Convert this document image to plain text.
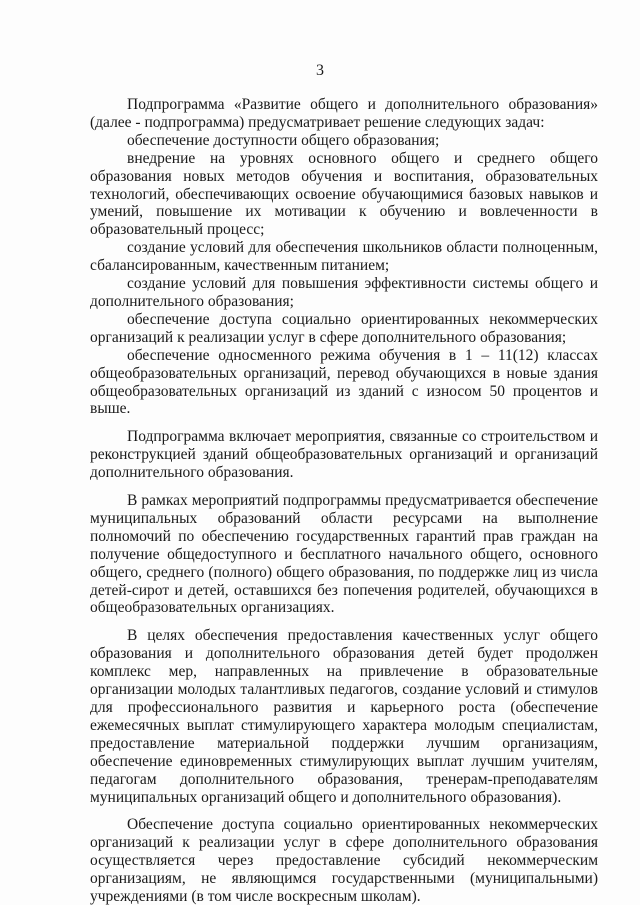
3

Подпрограмма «Развитие общего и дополнительного образования» (далее - подпрограмма) предусматривает решение следующих задач:

обеспечение доступности общего образования;

внедрение на уровнях основного общего и среднего общего образования новых методов обучения и воспитания, образовательных технологий, обеспечивающих освоение обучающимися базовых навыков и умений, повышение их мотивации к обучению и вовлеченности в образовательный процесс;

создание условий для обеспечения школьников области полноценным, сбалансированным, качественным питанием;

создание условий для повышения эффективности системы общего и дополнительного образования;

обеспечение доступа социально ориентированных некоммерческих организаций к реализации услуг в сфере дополнительного образования;

обеспечение односменного режима обучения в 1 – 11(12) классах общеобразовательных организаций, перевод обучающихся в новые здания общеобразовательных организаций из зданий с износом 50 процентов и выше.

Подпрограмма включает мероприятия, связанные со строительством и реконструкцией зданий общеобразовательных организаций и организаций дополнительного образования.

В рамках мероприятий подпрограммы предусматривается обеспечение муниципальных образований области ресурсами на выполнение полномочий по обеспечению государственных гарантий прав граждан на получение общедоступного и бесплатного начального общего, основного общего, среднего (полного) общего образования, по поддержке лиц из числа детей-сирот и детей, оставшихся без попечения родителей, обучающихся в общеобразовательных организациях.

В целях обеспечения предоставления качественных услуг общего образования и дополнительного образования детей будет продолжен комплекс мер, направленных на привлечение в образовательные организации молодых талантливых педагогов, создание условий и стимулов для профессионального развития и карьерного роста (обеспечение ежемесячных выплат стимулирующего характера молодым специалистам, предоставление материальной поддержки лучшим организациям, обеспечение единовременных стимулирующих выплат лучшим учителям, педагогам дополнительного образования, тренерам-преподавателям муниципальных организаций общего и дополнительного образования).

Обеспечение доступа социально ориентированных некоммерческих организаций к реализации услуг в сфере дополнительного образования осуществляется через предоставление субсидий некоммерческим организациям, не являющимся государственными (муниципальными) учреждениями (в том числе воскресным школам).
